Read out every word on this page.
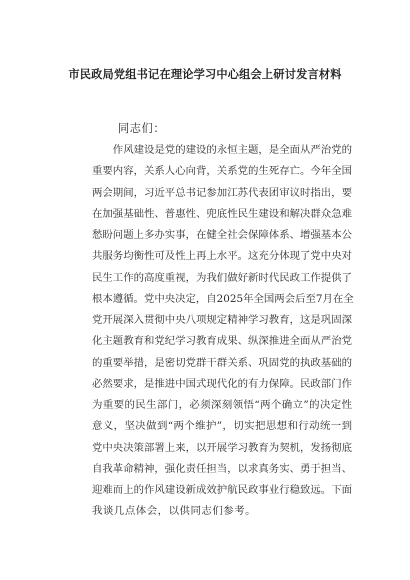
市民政局党组书记在理论学习中心组会上研讨发言材料
同志们：
　　作风建设是党的建设的永恒主题，是全面从严治党的
重要内容，关系人心向背，关系党的生死存亡。今年全国
两会期间，习近平总书记参加江苏代表团审议时指出，要
在加强基础性、普惠性、兜底性民生建设和解决群众急难
愁盼问题上多办实事，在健全社会保障体系、增强基本公
共服务均衡性可及性上再上水平。这充分体现了党中央对
民生工作的高度重视，为我们做好新时代民政工作提供了
根本遵循。党中央决定，自2025年全国两会后至7月在全
党开展深入贯彻中央八项规定精神学习教育，这是巩固深
化主题教育和党纪学习教育成果、纵深推进全面从严治党
的重要举措，是密切党群干群关系、巩固党的执政基础的
必然要求，是推进中国式现代化的有力保障。民政部门作
为重要的民生部门，必须深刻领悟“两个确立”的决定性
意义，坚决做到“两个维护”，切实把思想和行动统一到
党中央决策部署上来，以开展学习教育为契机，发扬彻底
自我革命精神，强化责任担当，以求真务实、勇于担当、
迎难而上的作风建设新成效护航民政事业行稳致远。下面
我谈几点体会，以供同志们参考。
